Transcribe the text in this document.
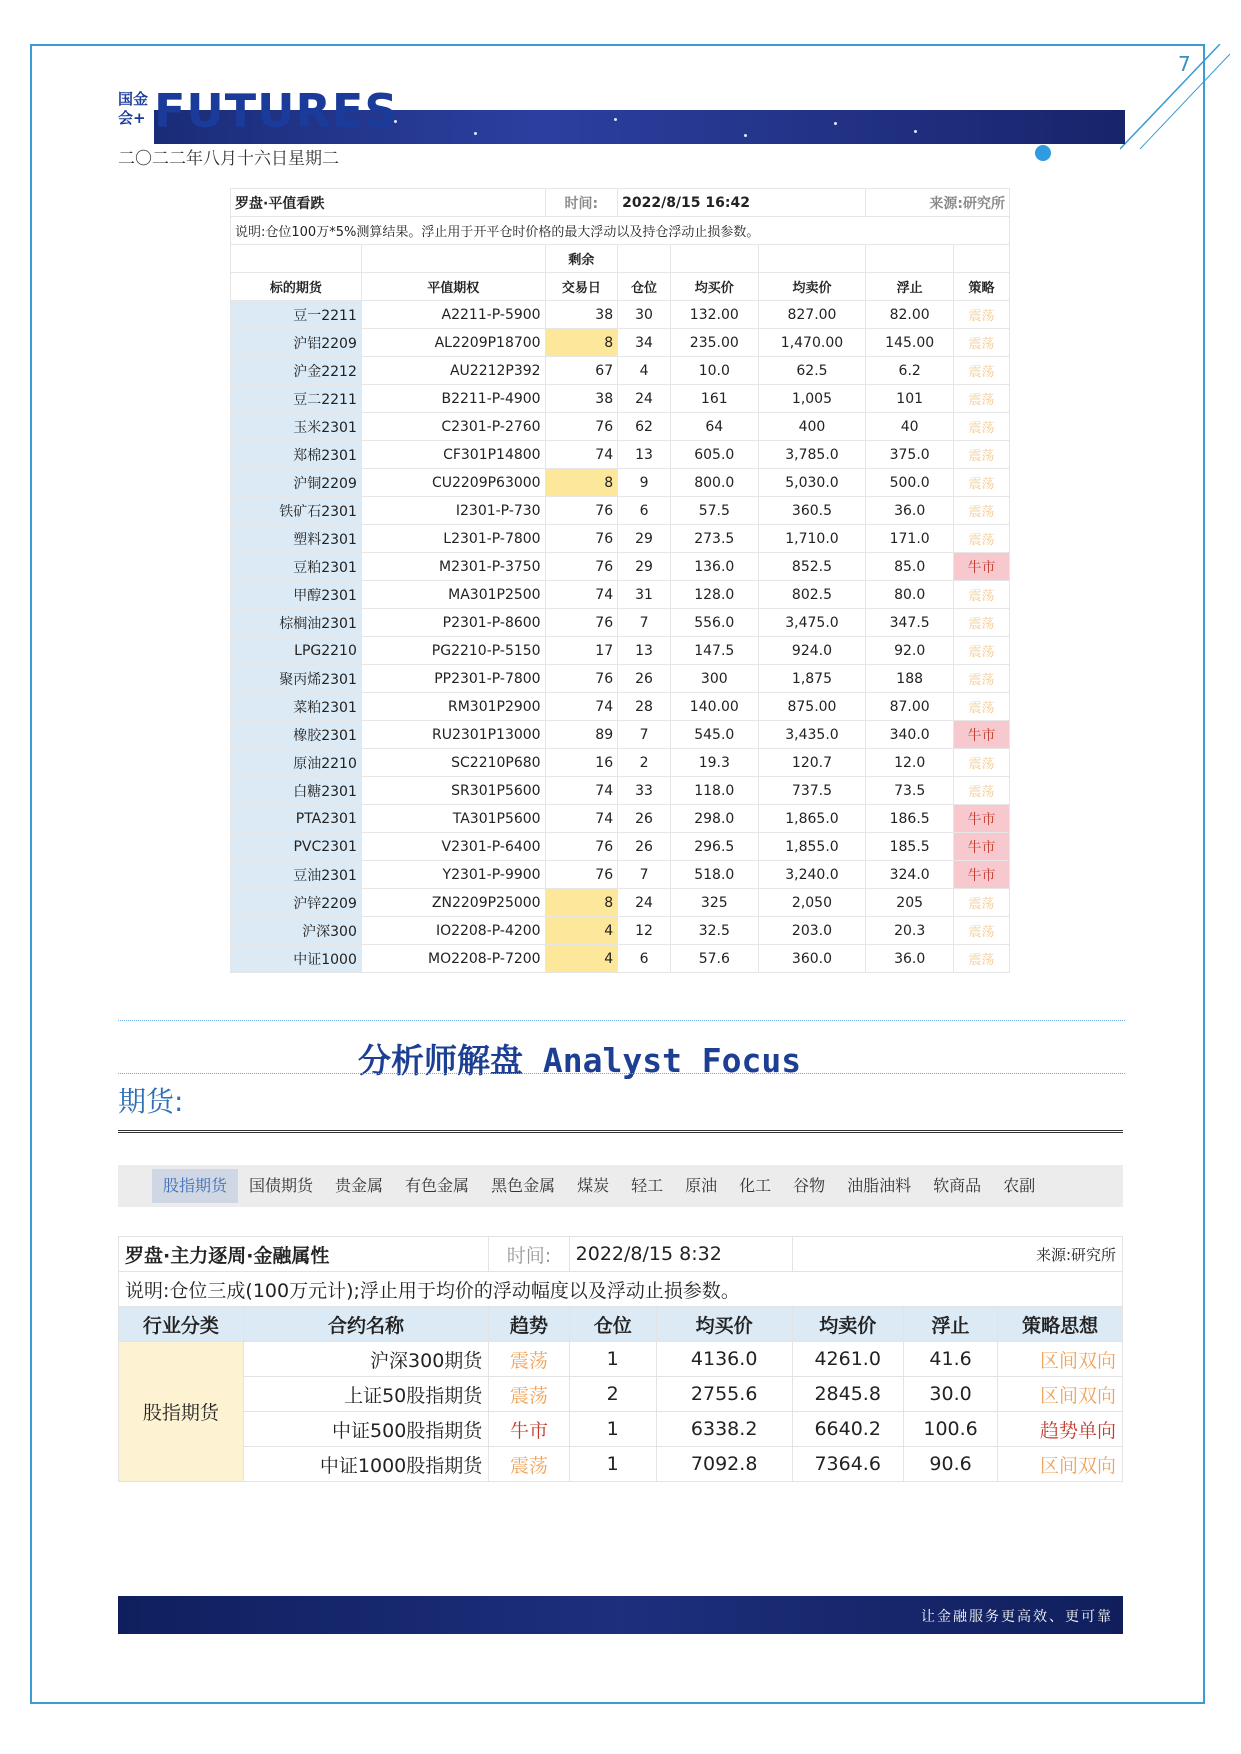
7
国金期货
国金
会+ FUTURES
二〇二二年八月十六日星期二
罗盘·平值看跌		时间:	2022/8/15 16:42			来源:研究所	
说明:仓位100万*5%测算结果。浮止用于开平仓时价格的最大浮动以及持仓浮动止损参数。							
		剩余					
标的期货	平值期权	交易日	仓位	均买价	均卖价	浮止	策略
豆一2211	A2211-P-5900	38	30	132.00	827.00	82.00	震荡
沪铝2209	AL2209P18700	8	34	235.00	1,470.00	145.00	震荡
沪金2212	AU2212P392	67	4	10.0	62.5	6.2	震荡
豆二2211	B2211-P-4900	38	24	161	1,005	101	震荡
玉米2301	C2301-P-2760	76	62	64	400	40	震荡
郑棉2301	CF301P14800	74	13	605.0	3,785.0	375.0	震荡
沪铜2209	CU2209P63000	8	9	800.0	5,030.0	500.0	震荡
铁矿石2301	I2301-P-730	76	6	57.5	360.5	36.0	震荡
塑料2301	L2301-P-7800	76	29	273.5	1,710.0	171.0	震荡
豆粕2301	M2301-P-3750	76	29	136.0	852.5	85.0	牛市
甲醇2301	MA301P2500	74	31	128.0	802.5	80.0	震荡
棕榈油2301	P2301-P-8600	76	7	556.0	3,475.0	347.5	震荡
LPG2210	PG2210-P-5150	17	13	147.5	924.0	92.0	震荡
聚丙烯2301	PP2301-P-7800	76	26	300	1,875	188	震荡
菜粕2301	RM301P2900	74	28	140.00	875.00	87.00	震荡
橡胶2301	RU2301P13000	89	7	545.0	3,435.0	340.0	牛市
原油2210	SC2210P680	16	2	19.3	120.7	12.0	震荡
白糖2301	SR301P5600	74	33	118.0	737.5	73.5	震荡
PTA2301	TA301P5600	74	26	298.0	1,865.0	186.5	牛市
PVC2301	V2301-P-6400	76	26	296.5	1,855.0	185.5	牛市
豆油2301	Y2301-P-9900	76	7	518.0	3,240.0	324.0	牛市
沪锌2209	ZN2209P25000	8	24	325	2,050	205	震荡
沪深300	IO2208-P-4200	4	12	32.5	203.0	20.3	震荡
中证1000	MO2208-P-7200	4	6	57.6	360.0	36.0	震荡
分析师解盘 Analyst Focus
期货:
股指期货	国债期货	贵金属	有色金属	黑色金属	煤炭	轻工	原油	化工	谷物	油脂油料	软商品	农副
罗盘·主力逐周·金融属性		时间:	2022/8/15 8:32		来源:研究所		
说明:仓位三成(100万元计);浮止用于均价的浮动幅度以及浮动止损参数。							
行业分类	合约名称	趋势	仓位	均买价	均卖价	浮止	策略思想
股指期货	沪深300期货	震荡	1	4136.0	4261.0	41.6	区间双向
	上证50股指期货	震荡	2	2755.6	2845.8	30.0	区间双向
	中证500股指期货	牛市	1	6338.2	6640.2	100.6	趋势单向
	中证1000股指期货	震荡	1	7092.8	7364.6	90.6	区间双向
让金融服务更高效、更可靠
